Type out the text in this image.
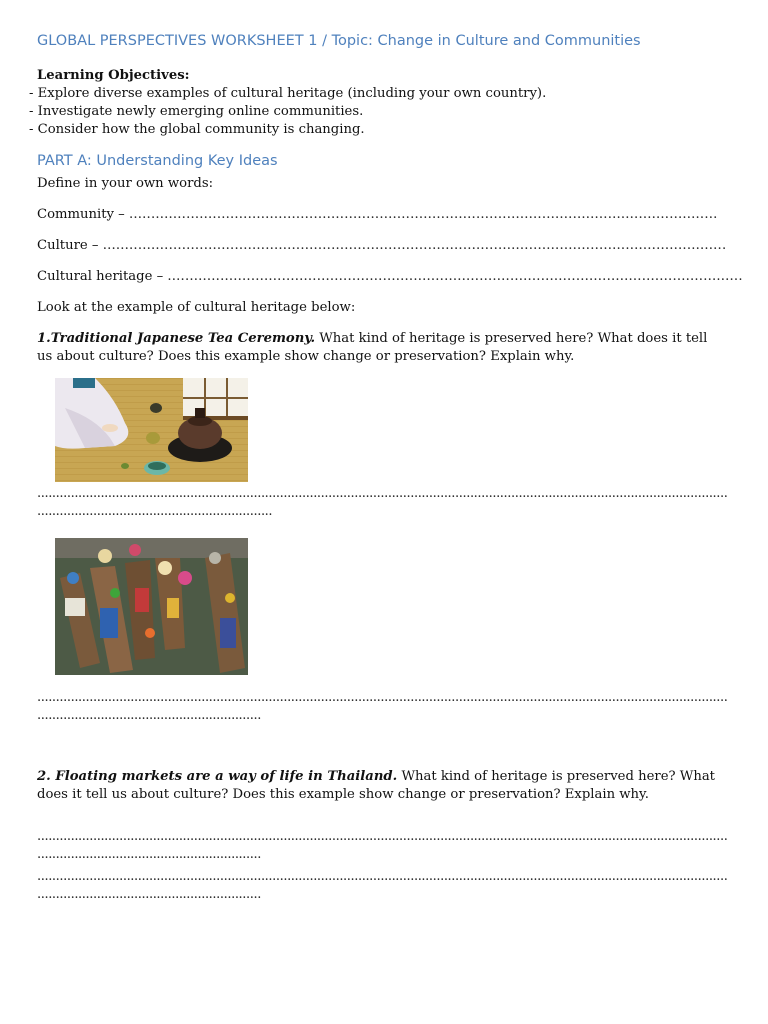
GLOBAL PERSPECTIVES WORKSHEET 1 / Topic: Change in Culture and Communities

Learning Objectives:

- Explore diverse examples of cultural heritage (including your own country).

- Investigate newly emerging online communities.

- Consider how the global community is changing.

PART A: Understanding Key Ideas

Define in your own words:

Community – ......................................................................................................................................

Culture – ..............................................................................................................................................

Cultural heritage – ...................................................................................................................................

Look at the example of cultural heritage below:

1.Traditional Japanese Tea Ceremony. What kind of heritage is preserved here? What does it tell us about culture? Does this example show change or preservation? Explain why.

.........................................................................................................................................................................................
...............................................................
.........................................................................................................................................................................................
............................................................

2. Floating markets are a way of life in Thailand. What kind of heritage is preserved here? What does it tell us about culture? Does this example show change or preservation? Explain why.

.........................................................................................................................................................................................
............................................................
.........................................................................................................................................................................................
............................................................
